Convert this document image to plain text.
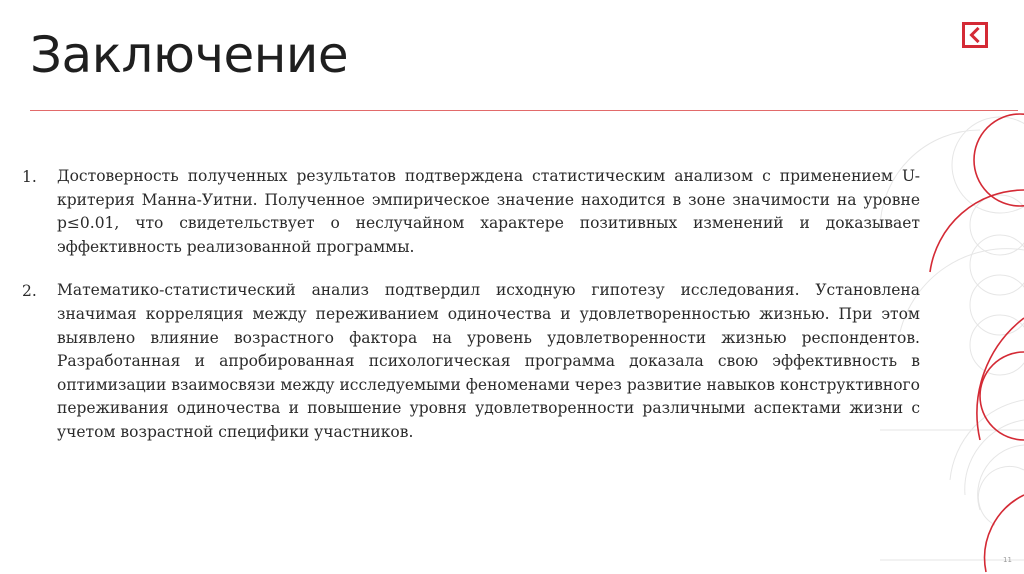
Заключение
1. Достоверность полученных результатов подтверждена статистическим анализом с применением U-критерия Манна-Уитни. Полученное эмпирическое значение находится в зоне значимости на уровне p≤0.01, что свидетельствует о неслучайном характере позитивных изменений и доказывает эффективность реализованной программы.

2. Математико-статистический анализ подтвердил исходную гипотезу исследования. Установлена значимая корреляция между переживанием одиночества и удовлетворенностью жизнью. При этом выявлено влияние возрастного фактора на уровень удовлетворенности жизнью респондентов. Разработанная и апробированная психологическая программа доказала свою эффективность в оптимизации взаимосвязи между исследуемыми феноменами через развитие навыков конструктивного переживания одиночества и повышение уровня удовлетворенности различными аспектами жизни с учетом возрастной специфики участников.

11
